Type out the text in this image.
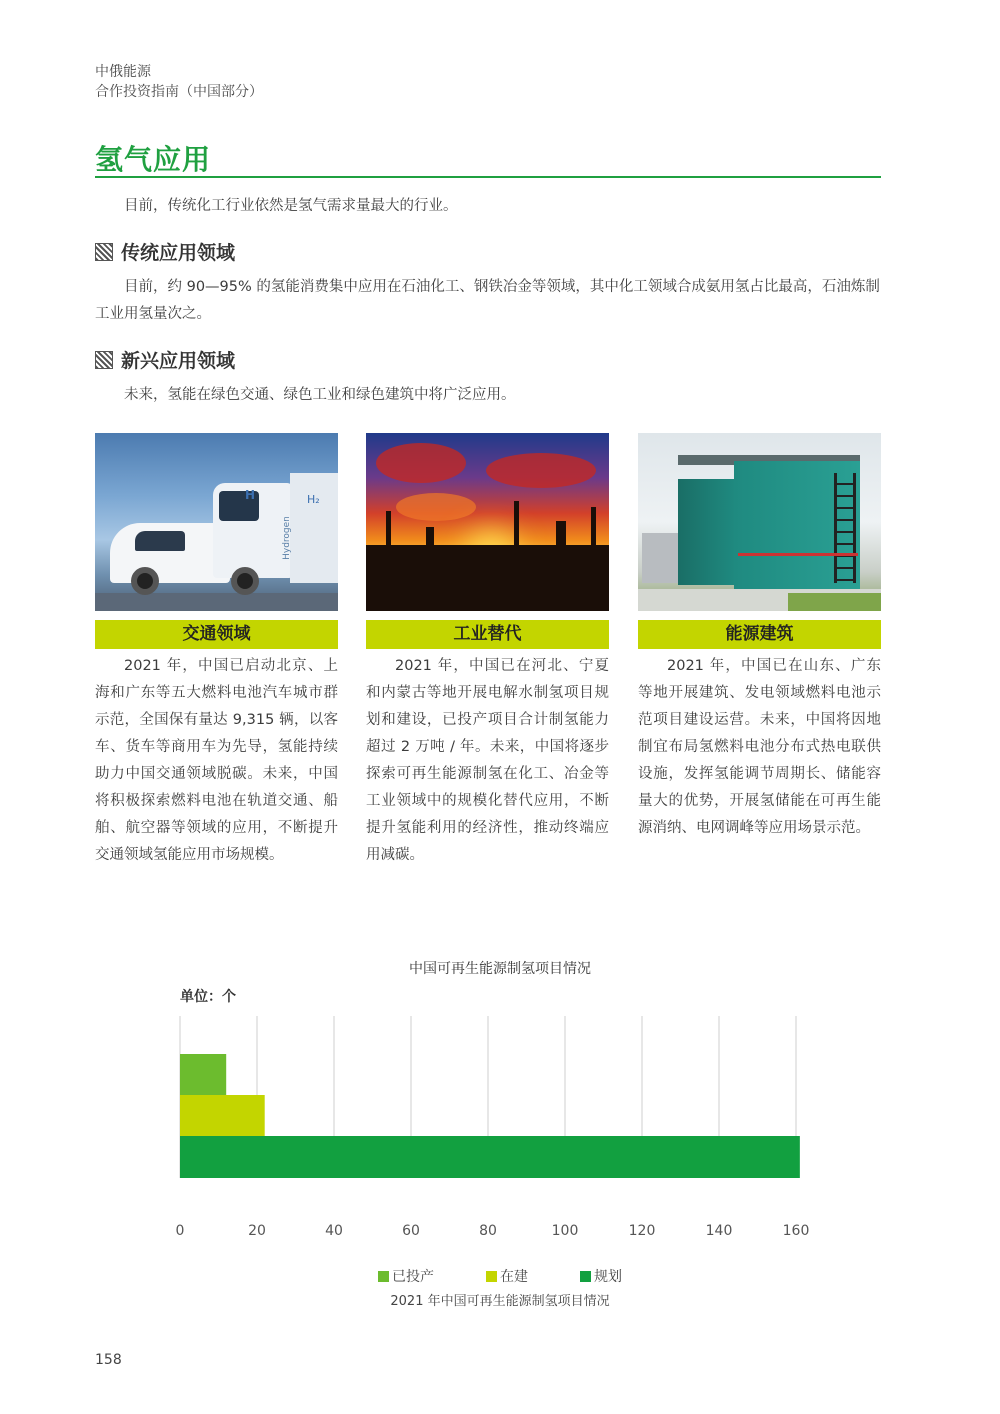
中俄能源
合作投资指南（中国部分）
氢气应用

目前，传统化工行业依然是氢气需求量最大的行业。

传统应用领域

目前，约 90—95% 的氢能消费集中应用在石油化工、钢铁冶金等领域，其中化工领域合成氨用氢占比最高，石油炼制工业用氢量次之。

新兴应用领域

未来，氢能在绿色交通、绿色工业和绿色建筑中将广泛应用。

H
Hydrogen
H₂
交通领域

2021 年，中国已启动北京、上海和广东等五大燃料电池汽车城市群示范，全国保有量达 9,315 辆，以客车、货车等商用车为先导，氢能持续助力中国交通领域脱碳。未来，中国将积极探索燃料电池在轨道交通、船舶、航空器等领域的应用，不断提升交通领域氢能应用市场规模。

工业替代

2021 年，中国已在河北、宁夏和内蒙古等地开展电解水制氢项目规划和建设，已投产项目合计制氢能力超过 2 万吨 / 年。未来，中国将逐步探索可再生能源制氢在化工、冶金等工业领域中的规模化替代应用，不断提升氢能利用的经济性，推动终端应用减碳。

能源建筑

2021 年，中国已在山东、广东等地开展建筑、发电领域燃料电池示范项目建设运营。未来，中国将因地制宜布局氢燃料电池分布式热电联供设施，发挥氢能调节周期长、储能容量大的优势，开展氢储能在可再生能源消纳、电网调峰等应用场景示范。

中国可再生能源制氢项目情况
单位：个
0	20	40	60	80	100	120	140	160
已投产	在建	规划
2021 年中国可再生能源制氢项目情况
158
